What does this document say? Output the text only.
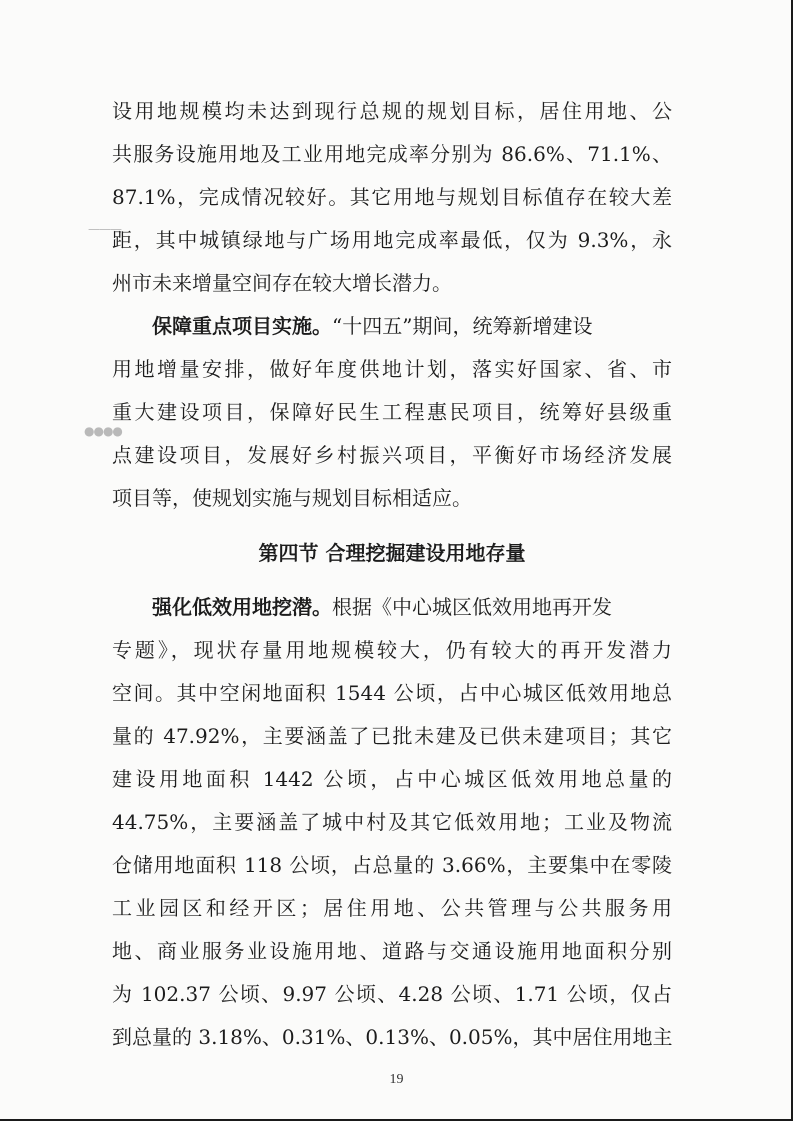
———
●●●●
设用地规模均未达到现行总规的规划目标，居住用地、公
共服务设施用地及工业用地完成率分别为 86.6%、71.1%、
87.1%，完成情况较好。其它用地与规划目标值存在较大差
距，其中城镇绿地与广场用地完成率最低，仅为 9.3%，永
州市未来增量空间存在较大增长潜力。
保障重点项目实施。“十四五”期间，统筹新增建设
用地增量安排，做好年度供地计划，落实好国家、省、市
重大建设项目，保障好民生工程惠民项目，统筹好县级重
点建设项目，发展好乡村振兴项目，平衡好市场经济发展
项目等，使规划实施与规划目标相适应。
第四节 合理挖掘建设用地存量
强化低效用地挖潜。根据《中心城区低效用地再开发
专题》，现状存量用地规模较大，仍有较大的再开发潜力
空间。其中空闲地面积 1544 公顷，占中心城区低效用地总
量的 47.92%，主要涵盖了已批未建及已供未建项目；其它
建设用地面积 1442 公顷，占中心城区低效用地总量的
44.75%，主要涵盖了城中村及其它低效用地；工业及物流
仓储用地面积 118 公顷，占总量的 3.66%，主要集中在零陵
工业园区和经开区；居住用地、公共管理与公共服务用
地、商业服务业设施用地、道路与交通设施用地面积分别
为 102.37 公顷、9.97 公顷、4.28 公顷、1.71 公顷，仅占
到总量的 3.18%、0.31%、0.13%、0.05%，其中居住用地主
19
